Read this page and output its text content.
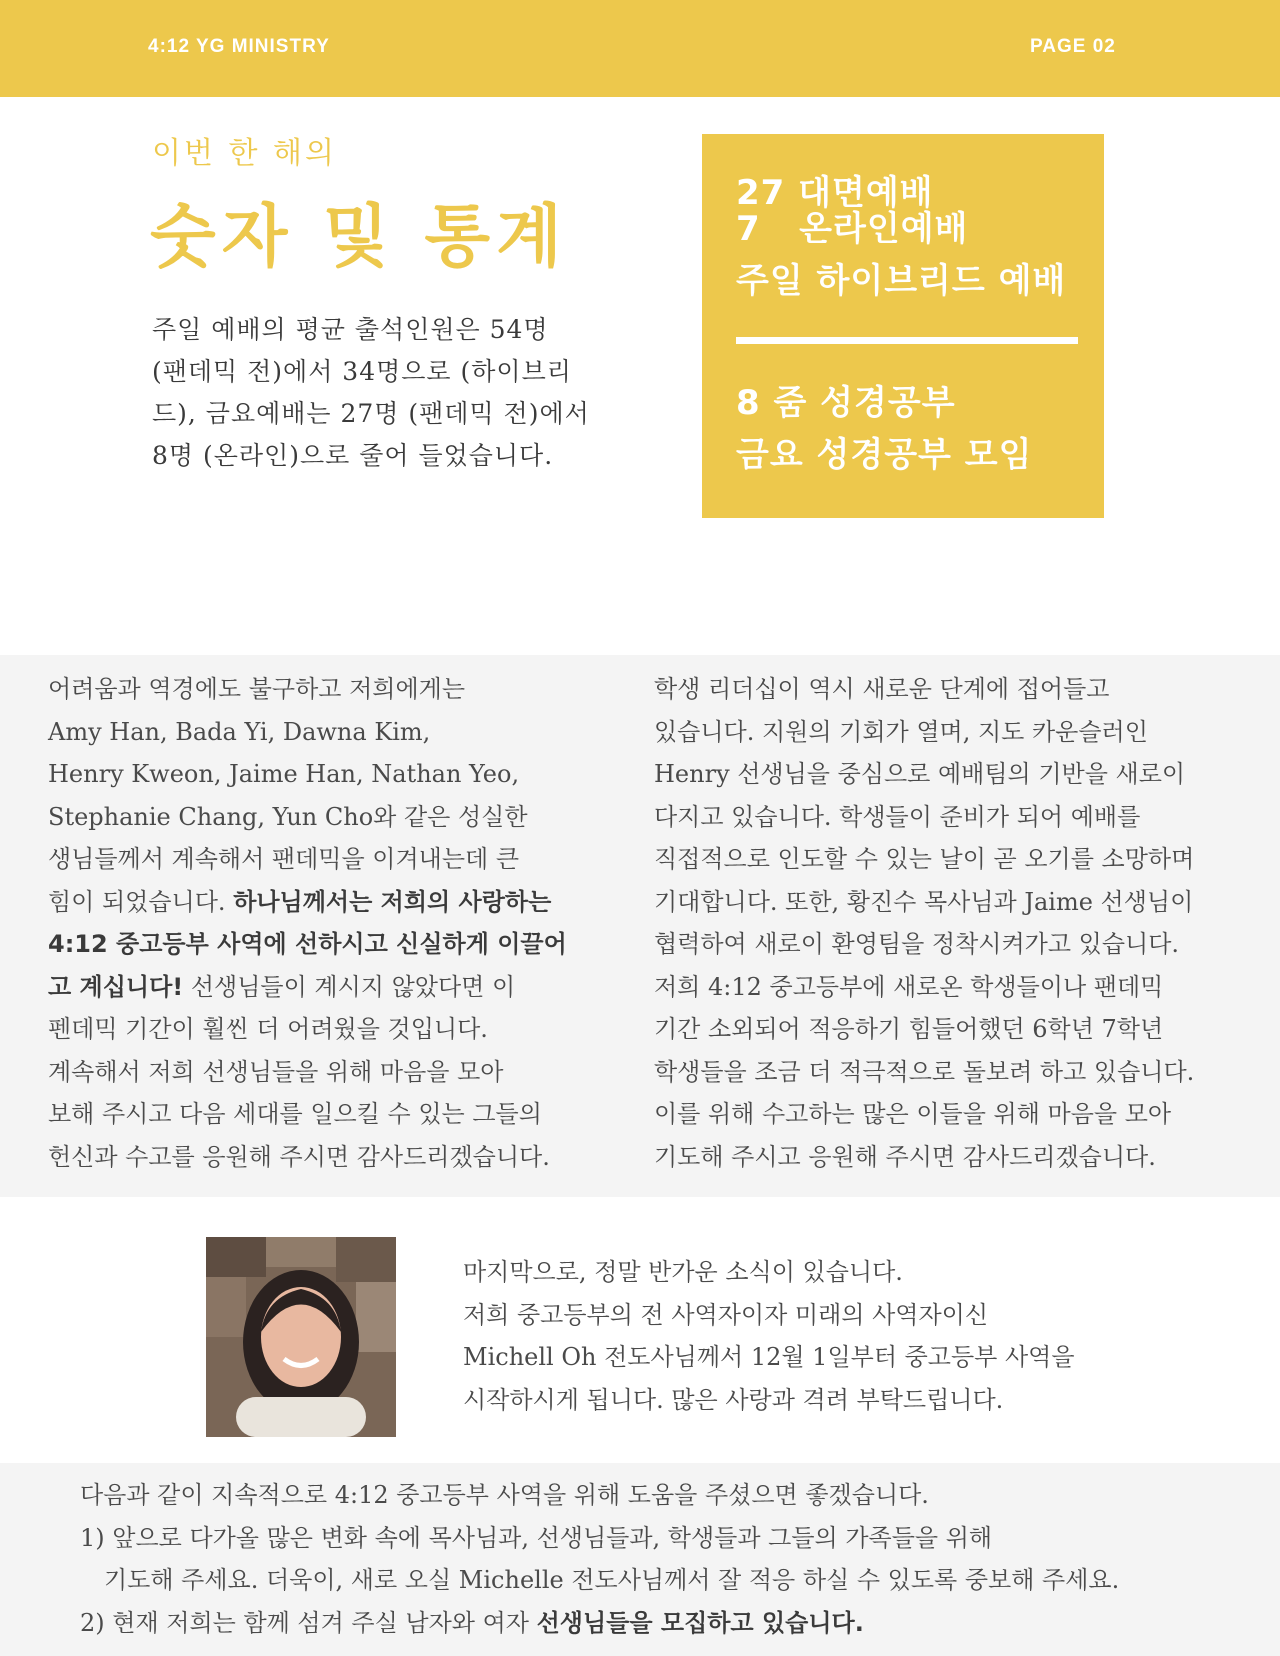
4:12 YG MINISTRY	PAGE 02
이번 한 해의
숫자 및 통계

주일 예배의 평균 출석인원은 54명 (팬데믹 전)에서 34명으로 (하이브리드), 금요예배는 27명 (팬데믹 전)에서 8명 (온라인)으로 줄어 들었습니다.

27 대면예배
7   온라인예배
주일 하이브리드 예배
8 줌 성경공부
금요 성경공부 모임

어려움과 역경에도 불구하고 저희에게는
Amy Han, Bada Yi, Dawna Kim,
Henry Kweon, Jaime Han, Nathan Yeo,
Stephanie Chang, Yun Cho와 같은 성실한
생님들께서 계속해서 팬데믹을 이겨내는데 큰
힘이 되었습니다. 하나님께서는 저희의 사랑하는
4:12 중고등부 사역에 선하시고 신실하게 이끌어
고 계십니다! 선생님들이 계시지 않았다면 이
펜데믹 기간이 훨씬 더 어려웠을 것입니다.
계속해서 저희 선생님들을 위해 마음을 모아
보해 주시고 다음 세대를 일으킬 수 있는 그들의
헌신과 수고를 응원해 주시면 감사드리겠습니다.

학생 리더십이 역시 새로운 단계에 접어들고
있습니다. 지원의 기회가 열며, 지도 카운슬러인
Henry 선생님을 중심으로 예배팀의 기반을 새로이
다지고 있습니다. 학생들이 준비가 되어 예배를
직접적으로 인도할 수 있는 날이 곧 오기를 소망하며
기대합니다. 또한, 황진수 목사님과 Jaime 선생님이
협력하여 새로이 환영팀을 정착시켜가고 있습니다.
저희 4:12 중고등부에 새로온 학생들이나 팬데믹
기간 소외되어 적응하기 힘들어했던 6학년 7학년
학생들을 조금 더 적극적으로 돌보려 하고 있습니다.
이를 위해 수고하는 많은 이들을 위해 마음을 모아
기도해 주시고 응원해 주시면 감사드리겠습니다.

마지막으로, 정말 반가운 소식이 있습니다.
저희 중고등부의 전 사역자이자 미래의 사역자이신
Michell Oh 전도사님께서 12월 1일부터 중고등부 사역을
시작하시게 됩니다. 많은 사랑과 격려 부탁드립니다.

다음과 같이 지속적으로 4:12 중고등부 사역을 위해 도움을 주셨으면 좋겠습니다.
1) 앞으로 다가올 많은 변화 속에 목사님과, 선생님들과, 학생들과 그들의 가족들을 위해
기도해 주세요. 더욱이, 새로 오실 Michelle 전도사님께서 잘 적응 하실 수 있도록 중보해 주세요.
2) 현재 저희는 함께 섬겨 주실 남자와 여자 선생님들을 모집하고 있습니다.
